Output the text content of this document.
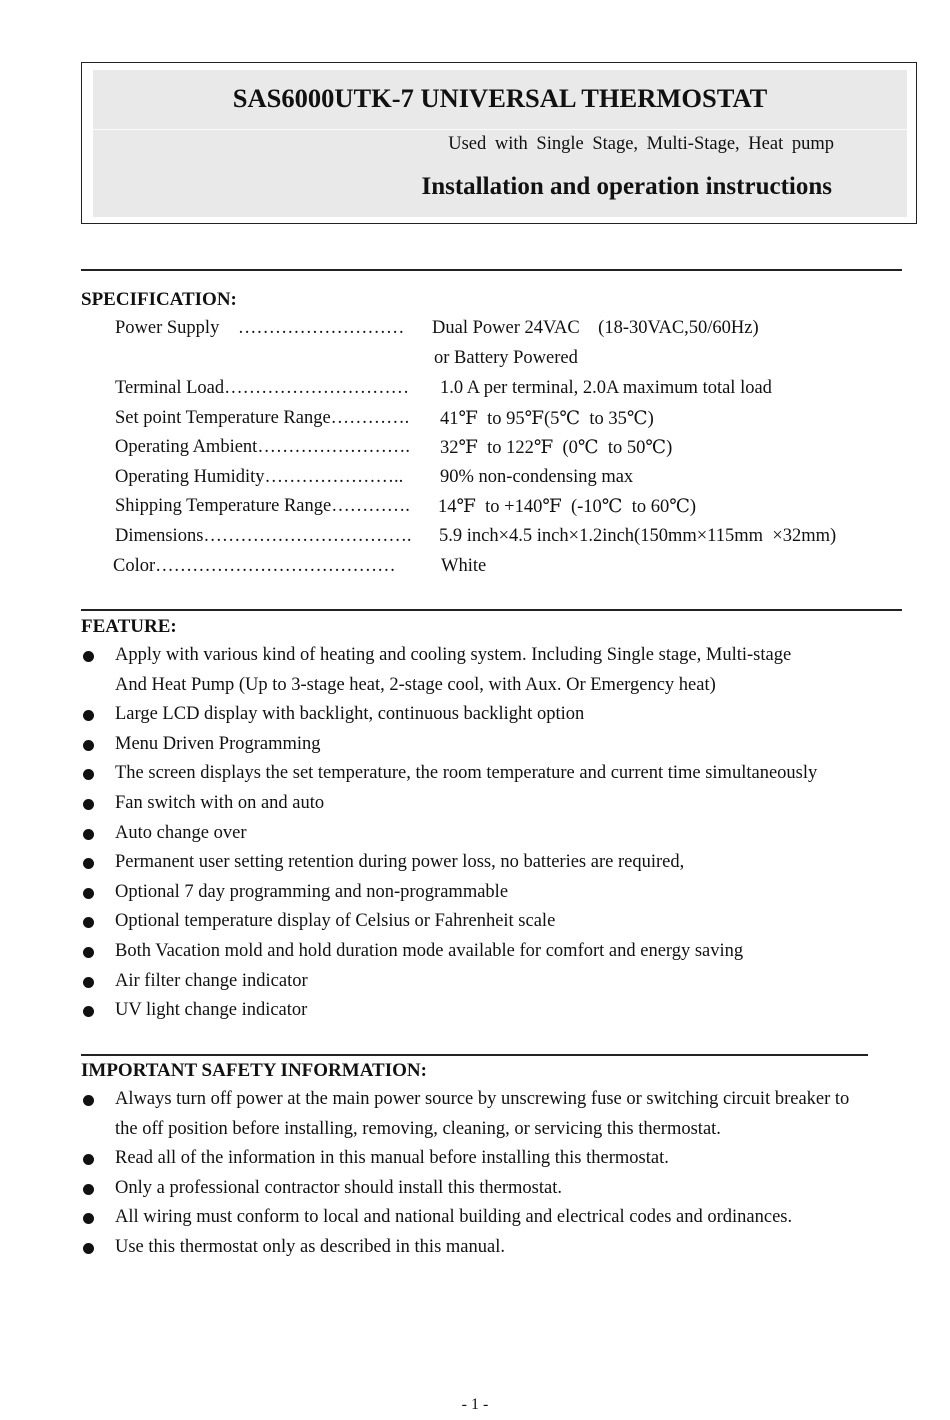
SAS6000UTK-7 UNIVERSAL THERMOSTAT
Used with Single Stage, Multi-Stage, Heat pump
Installation and operation instructions
SPECIFICATION:
Power Supply    ……………………… Dual Power 24VAC    (18-30VAC,50/60Hz)
or Battery Powered
Terminal Load………………………… 1.0 A per terminal, 2.0A maximum total load
Set point Temperature Range…………. 41℉  to 95℉(5℃  to 35℃)
Operating Ambient……………………. 32℉  to 122℉  (0℃  to 50℃)
Operating Humidity………………….. 90% non-condensing max
Shipping Temperature Range…………. 14℉  to +140℉  (-10℃  to 60℃)
Dimensions……………………………. 5.9 inch×4.5 inch×1.2inch(150mm×115mm  ×32mm)
Color………………………………… White
FEATURE:
Apply with various kind of heating and cooling system. Including Single stage, Multi-stage
And Heat Pump (Up to 3-stage heat, 2-stage cool, with Aux. Or Emergency heat)
Large LCD display with backlight, continuous backlight option
Menu Driven Programming
The screen displays the set temperature, the room temperature and current time simultaneously
Fan switch with on and auto
Auto change over
Permanent user setting retention during power loss, no batteries are required,
Optional 7 day programming and non-programmable
Optional temperature display of Celsius or Fahrenheit scale
Both Vacation mold and hold duration mode available for comfort and energy saving
Air filter change indicator
UV light change indicator
IMPORTANT SAFETY INFORMATION:
Always turn off power at the main power source by unscrewing fuse or switching circuit breaker to
the off position before installing, removing, cleaning, or servicing this thermostat.
Read all of the information in this manual before installing this thermostat.
Only a professional contractor should install this thermostat.
All wiring must conform to local and national building and electrical codes and ordinances.
Use this thermostat only as described in this manual.
- 1 -
